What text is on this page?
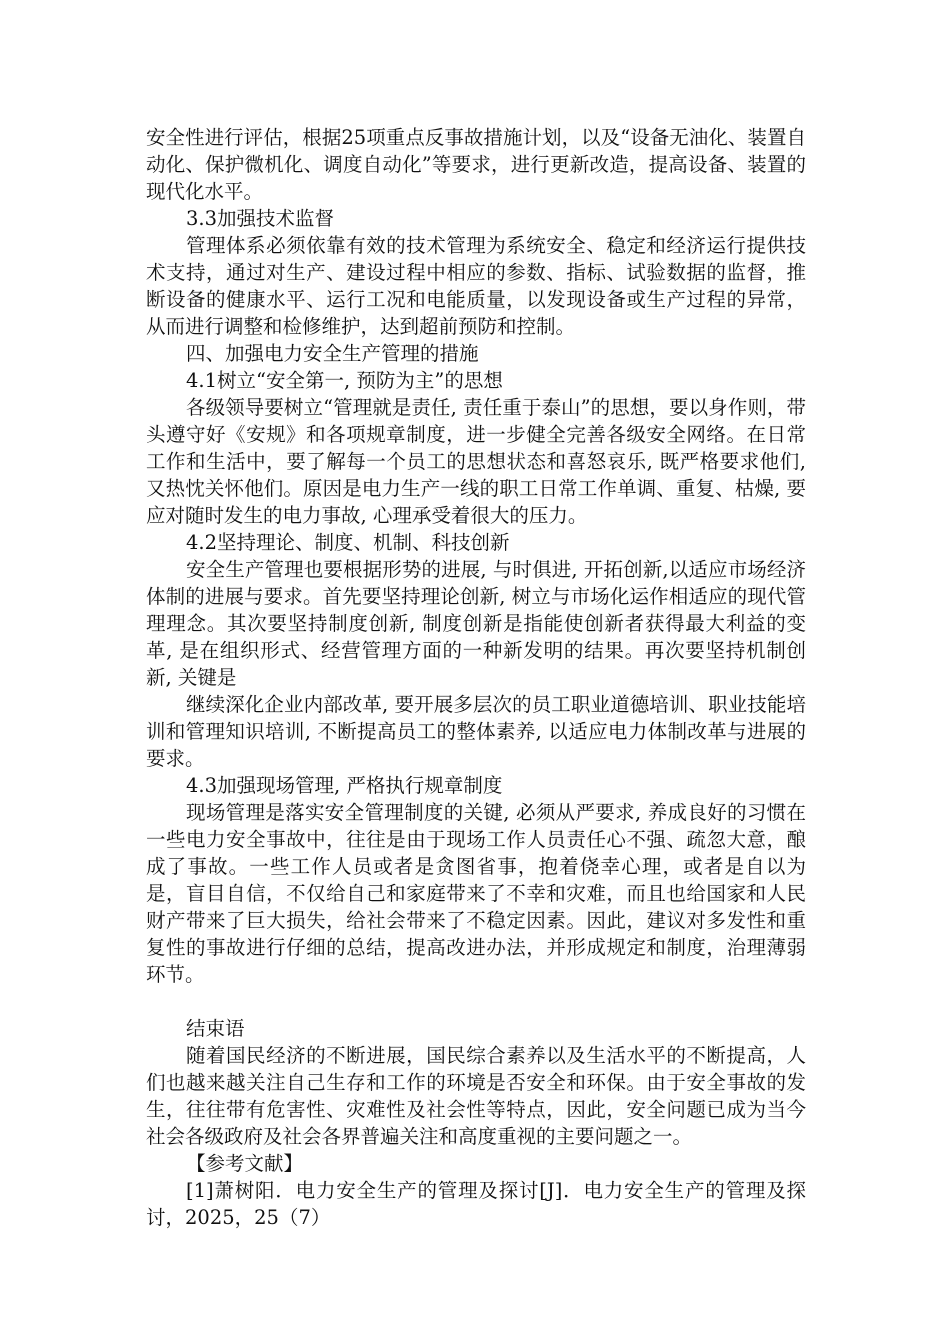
安全性进行评估，根据25项重点反事故措施计划，以及“设备无油化、装置自动化、保护微机化、调度自动化”等要求，进行更新改造，提高设备、装置的现代化水平。

3.3加强技术监督

管理体系必须依靠有效的技术管理为系统安全、稳定和经济运行提供技术支持，通过对生产、建设过程中相应的参数、指标、试验数据的监督，推断设备的健康水平、运行工况和电能质量，以发现设备或生产过程的异常，从而进行调整和检修维护，达到超前预防和控制。

四、加强电力安全生产管理的措施

4.1树立“安全第一, 预防为主”的思想

各级领导要树立“管理就是责任, 责任重于泰山”的思想，要以身作则，带头遵守好《安规》和各项规章制度，进一步健全完善各级安全网络。在日常工作和生活中，要了解每一个员工的思想状态和喜怒哀乐, 既严格要求他们, 又热忱关怀他们。原因是电力生产一线的职工日常工作单调、重复、枯燥, 要应对随时发生的电力事故, 心理承受着很大的压力。

4.2坚持理论、制度、机制、科技创新

安全生产管理也要根据形势的进展, 与时俱进, 开拓创新,以适应市场经济体制的进展与要求。首先要坚持理论创新, 树立与市场化运作相适应的现代管理理念。其次要坚持制度创新, 制度创新是指能使创新者获得最大利益的变革, 是在组织形式、经营管理方面的一种新发明的结果。再次要坚持机制创新, 关键是

继续深化企业内部改革, 要开展多层次的员工职业道德培训、职业技能培训和管理知识培训, 不断提高员工的整体素养, 以适应电力体制改革与进展的要求。

4.3加强现场管理, 严格执行规章制度

现场管理是落实安全管理制度的关键, 必须从严要求, 养成良好的习惯在一些电力安全事故中，往往是由于现场工作人员责任心不强、疏忽大意，酿成了事故。一些工作人员或者是贪图省事，抱着侥幸心理，或者是自以为是，盲目自信，不仅给自己和家庭带来了不幸和灾难，而且也给国家和人民财产带来了巨大损失，给社会带来了不稳定因素。因此，建议对多发性和重复性的事故进行仔细的总结，提高改进办法，并形成规定和制度，治理薄弱环节。

结束语

随着国民经济的不断进展，国民综合素养以及生活水平的不断提高，人们也越来越关注自己生存和工作的环境是否安全和环保。由于安全事故的发生，往往带有危害性、灾难性及社会性等特点，因此，安全问题已成为当今社会各级政府及社会各界普遍关注和高度重视的主要问题之一。

【参考文献】

[1]萧树阳．电力安全生产的管理及探讨[J]．电力安全生产的管理及探讨，2025，25（7）
